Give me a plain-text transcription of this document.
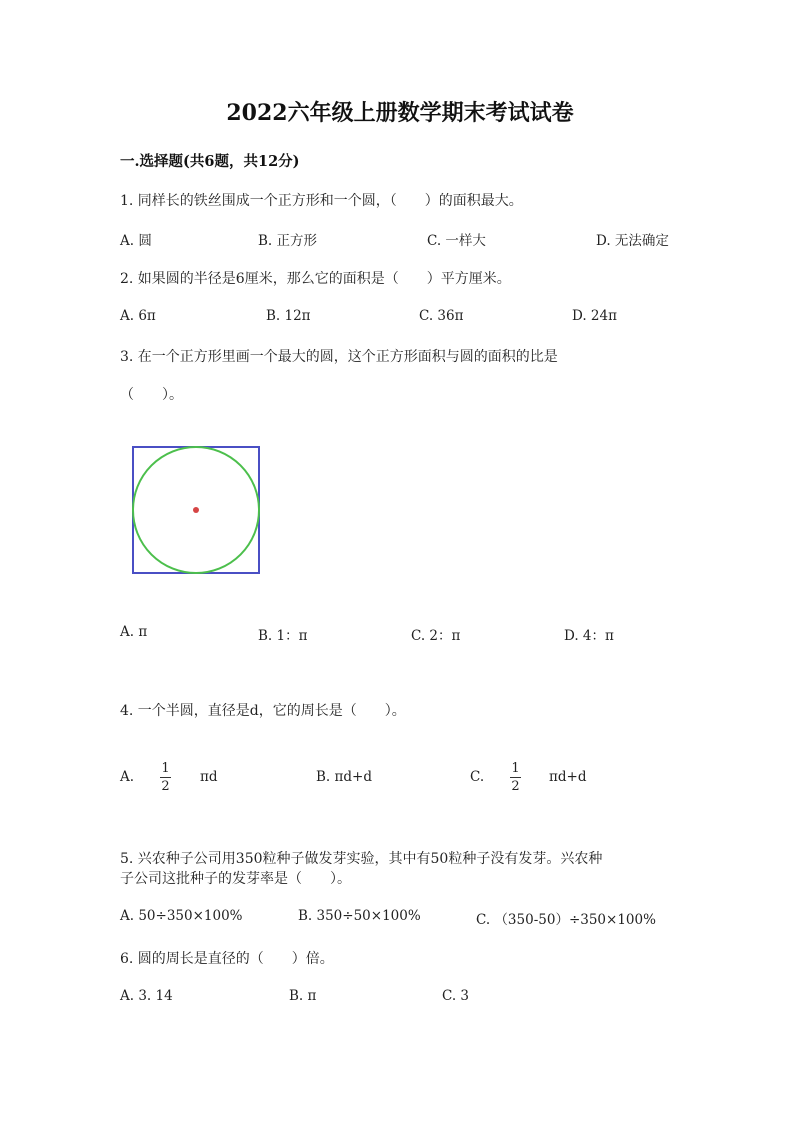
2022六年级上册数学期末考试试卷
一.选择题(共6题，共12分)
1. 同样长的铁丝围成一个正方形和一个圆，（　　）的面积最大。
A. 圆	B. 正方形	C. 一样大	D. 无法确定
2. 如果圆的半径是6厘米，那么它的面积是（　　）平方厘米。
A. 6π	B. 12π	C. 36π	D. 24π
3. 在一个正方形里画一个最大的圆，这个正方形面积与圆的面积的比是
（　　）。
A. π	B. 1：π	C. 2：π	D. 4：π
4. 一个半圆，直径是d，它的周长是（　　）。
A.
1
2
πd	B. πd+d	C.
1
2
πd+d
5. 兴农种子公司用350粒种子做发芽实验，其中有50粒种子没有发芽。兴农种
子公司这批种子的发芽率是（　　）。
A. 50÷350×100%	B. 350÷50×100%	C. （350-50）÷350×100%
6. 圆的周长是直径的（　　）倍。
A. 3. 14	B. π	C. 3
